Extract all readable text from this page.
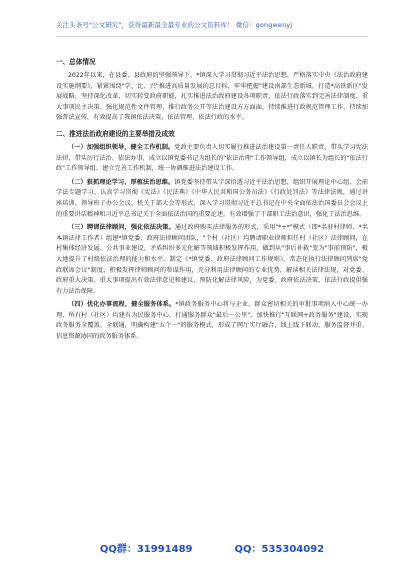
关注头条号"公文研究"，获得最新最全最专业的公文资料库！ 微信：gongwenyj
一、总体情况

2022年以来，在县委、县政府的坚强领导下，*镇深入学习贯彻习近平法治思想，严格落实中央《法治政府建设实施纲要》，紧紧围绕"学、比、兴"推进高质量发展的总目标，牢牢把握"建设南部生态新城，打造*高铁新区"发展战略，坚持深化改革，切实转变政府职能，扎实推进法治政府建设各项职责，依法行政落实到完善法律制度、重大事项民主决策、强化规范性文件管理、推行政务公开等法治建设方方面面，持续推进行政规范管理工作，持续加强普法宣传，有效提高了我镇依法决策、依法管理、依法行政的水平。

二、推进法治政府建设的主要举措及成效

（一）加强组织领导，健全工作机制。党政主要负责人切实履行推进法治建设第一责任人职责，带头学习宪法法律，带头厉行法治、依法办事，成立以镇党委书记为组长的"依法治理"工作领导组，成立以镇长为组长的"依法行政"工作领导组，建立完善工作机制，统一协调推进法治建设工作。

（二）狠抓理论学习，厚植法治思维。镇党委坚持带头学深悟透习近平法治思想，组织开展理论中心组、会前学法专题学习，认真学习贯彻《宪法》《民法典》《中华人民共和国公务员法》《行政处罚法》等法律法规，通过讲座培训、领导班子办公会议、机关干部大会等形式，深入学习贯彻习近平总书记在中央全面依法治国委员会会议上的重要讲话精神和习近平总书记关于全面依法治国的重要论述，有效增强了干部职工法治意识，强化了法治思维。

（三）聘请法律顾问，强化依法决策。通过政府购买法律服务的形式，采用"*+*"模式（即*名驻村律师、*名本镇法律工作者）组建*镇党委、政府法律顾问团队，"个村（社区）均聘请职业律师担任村（社区）法律顾问，在村集体经济发展、公共事业建设、矛盾纠纷多元化解等领域积极发挥作用，做到从"事后补救"变为"事前预防"，极大地提升了村级依法治理的能力和水平。制定《*镇党委、政府法律顾问工作规则》，常态化执行法律顾问列席"党政联席会议"制度，积极发挥律师顾问的参谋作用，充分利用法律顾问的专业优势，解读相关法律法规，对党委、政府重大决策、重大事项提出有效法律意见和建议，预防化解法律风险，为党委、政府依法决策、依法行政提供强有力法治保障。

（四）优化办事流程，健全服务体系。*镇政务服务中心将与企业、群众密切相关的审批事项纳入中心统一办理，所有村（社区）均建有为民服务中心，打通服务群众"最后一公里"。加快推行"互联网+政务服务"建设，实现政务服务全覆盖、全联通，明确构建"五个一"的服务模式，形成了网厅实厅融合、线上线下联动、服务监督并重、信息资源协同的政务服务体系。

QQ群：31991489	QQ：535304092
